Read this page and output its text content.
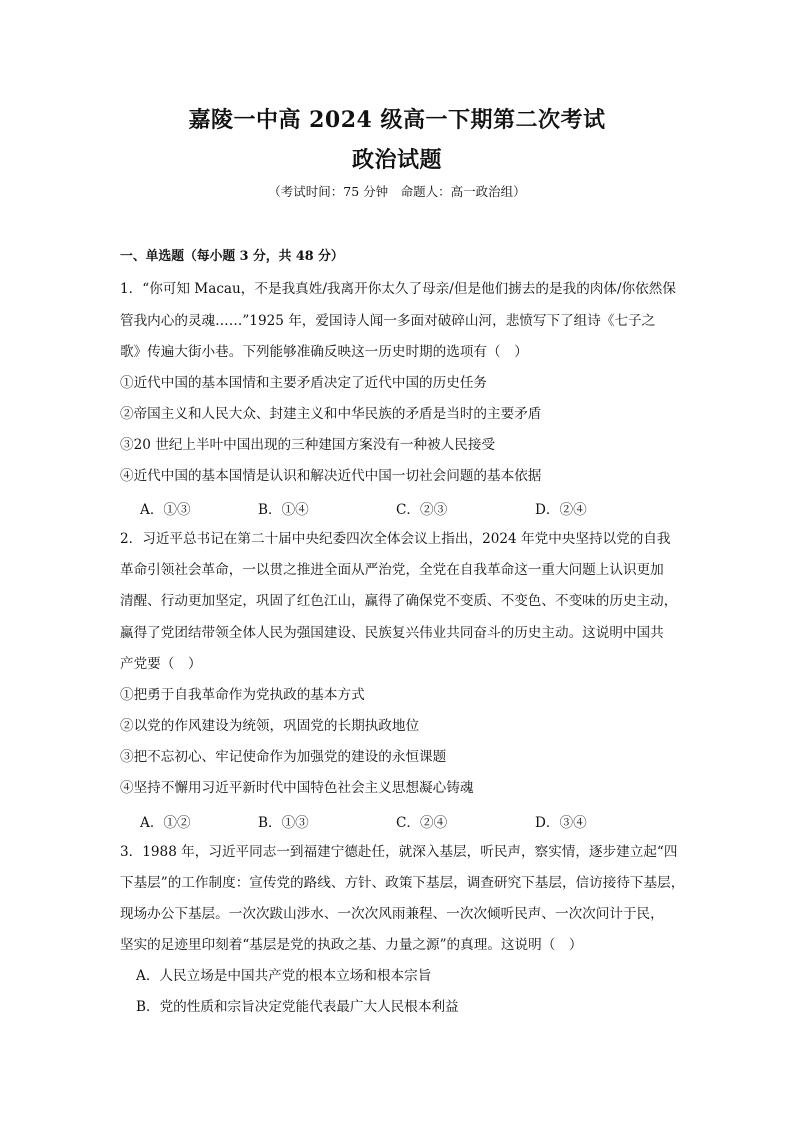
嘉陵一中高 2024 级高一下期第二次考试
政治试题
（考试时间：75 分钟　命题人：高一政治组）
一、单选题（每小题 3 分，共 48 分）
1．“你可知 Macau，不是我真姓/我离开你太久了母亲/但是他们掳去的是我的肉体/你依然保
管我内心的灵魂……”1925 年，爱国诗人闻一多面对破碎山河，悲愤写下了组诗《七子之
歌》传遍大街小巷。下列能够准确反映这一历史时期的选项有（　）
①近代中国的基本国情和主要矛盾决定了近代中国的历史任务
②帝国主义和人民大众、封建主义和中华民族的矛盾是当时的主要矛盾
③20 世纪上半叶中国出现的三种建国方案没有一种被人民接受
④近代中国的基本国情是认识和解决近代中国一切社会问题的基本依据
A．①③	B．①④	C．②③	D．②④
2．习近平总书记在第二十届中央纪委四次全体会议上指出，2024 年党中央坚持以党的自我
革命引领社会革命，一以贯之推进全面从严治党，全党在自我革命这一重大问题上认识更加
清醒、行动更加坚定，巩固了红色江山，赢得了确保党不变质、不变色、不变味的历史主动，
赢得了党团结带领全体人民为强国建设、民族复兴伟业共同奋斗的历史主动。这说明中国共
产党要（　）
①把勇于自我革命作为党执政的基本方式
②以党的作风建设为统领，巩固党的长期执政地位
③把不忘初心、牢记使命作为加强党的建设的永恒课题
④坚持不懈用习近平新时代中国特色社会主义思想凝心铸魂
A．①②	B．①③	C．②④	D．③④
3．1988 年，习近平同志一到福建宁德赴任，就深入基层，听民声，察实情，逐步建立起“四
下基层”的工作制度：宣传党的路线、方针、政策下基层，调查研究下基层，信访接待下基层，
现场办公下基层。一次次跋山涉水、一次次风雨兼程、一次次倾听民声、一次次问计于民，
坚实的足迹里印刻着“基层是党的执政之基、力量之源”的真理。这说明（　）
A．人民立场是中国共产党的根本立场和根本宗旨
B．党的性质和宗旨决定党能代表最广大人民根本利益
